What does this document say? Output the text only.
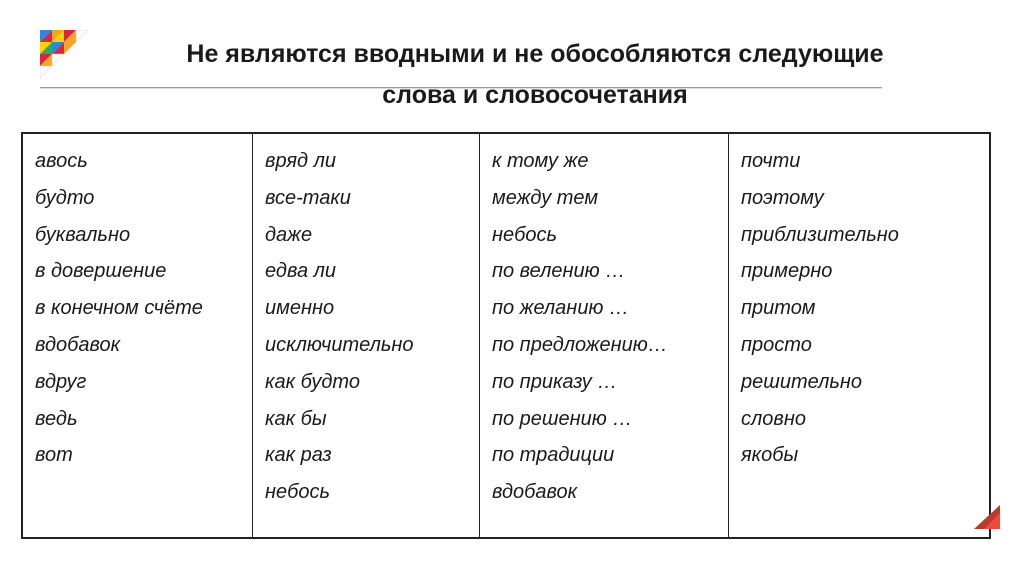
Не являются вводными и не обособляются следующие
слова и словосочетания
авось
будто
буквально
в довершение
в конечном счёте
вдобавок
вдруг
ведь
вот
вряд ли
все-таки
даже
едва ли
именно
исключительно
как будто
как бы
как раз
небось
к тому же
между тем
небось
по велению …
по желанию …
по предложению…
по приказу …
по решению …
по традиции
вдобавок
почти
поэтому
приблизительно
примерно
притом
просто
решительно
словно
якобы
